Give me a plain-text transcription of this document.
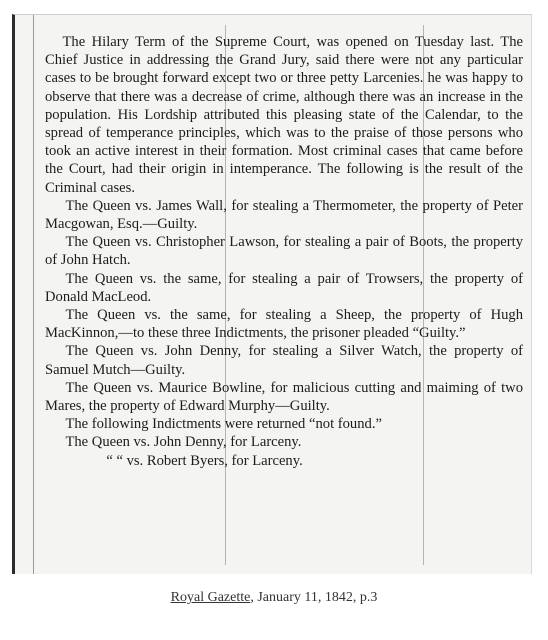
The Hilary Term of the Supreme Court, was opened on Tuesday last. The Chief Justice in addressing the Grand Jury, said there were not any particular cases to be brought forward except two or three petty Larcenies. he was happy to observe that there was a decrease of crime, although there was an increase in the population. His Lordship attributed this pleasing state of the Calendar, to the spread of temperance principles, which was to the praise of those persons who took an active interest in their formation. Most criminal cases that came before the Court, had their origin in intemperance. The following is the result of the Criminal cases.

The Queen vs. James Wall, for stealing a Thermometer, the property of Peter Macgowan, Esq.—Guilty.

The Queen vs. Christopher Lawson, for stealing a pair of Boots, the property of John Hatch.

The Queen vs. the same, for stealing a pair of Trowsers, the property of Donald MacLeod.

The Queen vs. the same, for stealing a Sheep, the property of Hugh MacKinnon,—to these three Indictments, the prisoner pleaded “Guilty.”

The Queen vs. John Denny, for stealing a Silver Watch, the property of Samuel Mutch—Guilty.

The Queen vs. Maurice Bowline, for malicious cutting and maiming of two Mares, the property of Edward Murphy—Guilty.

The following Indictments were returned “not found.”

The Queen vs. John Denny, for Larceny.

“ “ vs. Robert Byers, for Larceny.

Royal Gazette, January 11, 1842, p.3
